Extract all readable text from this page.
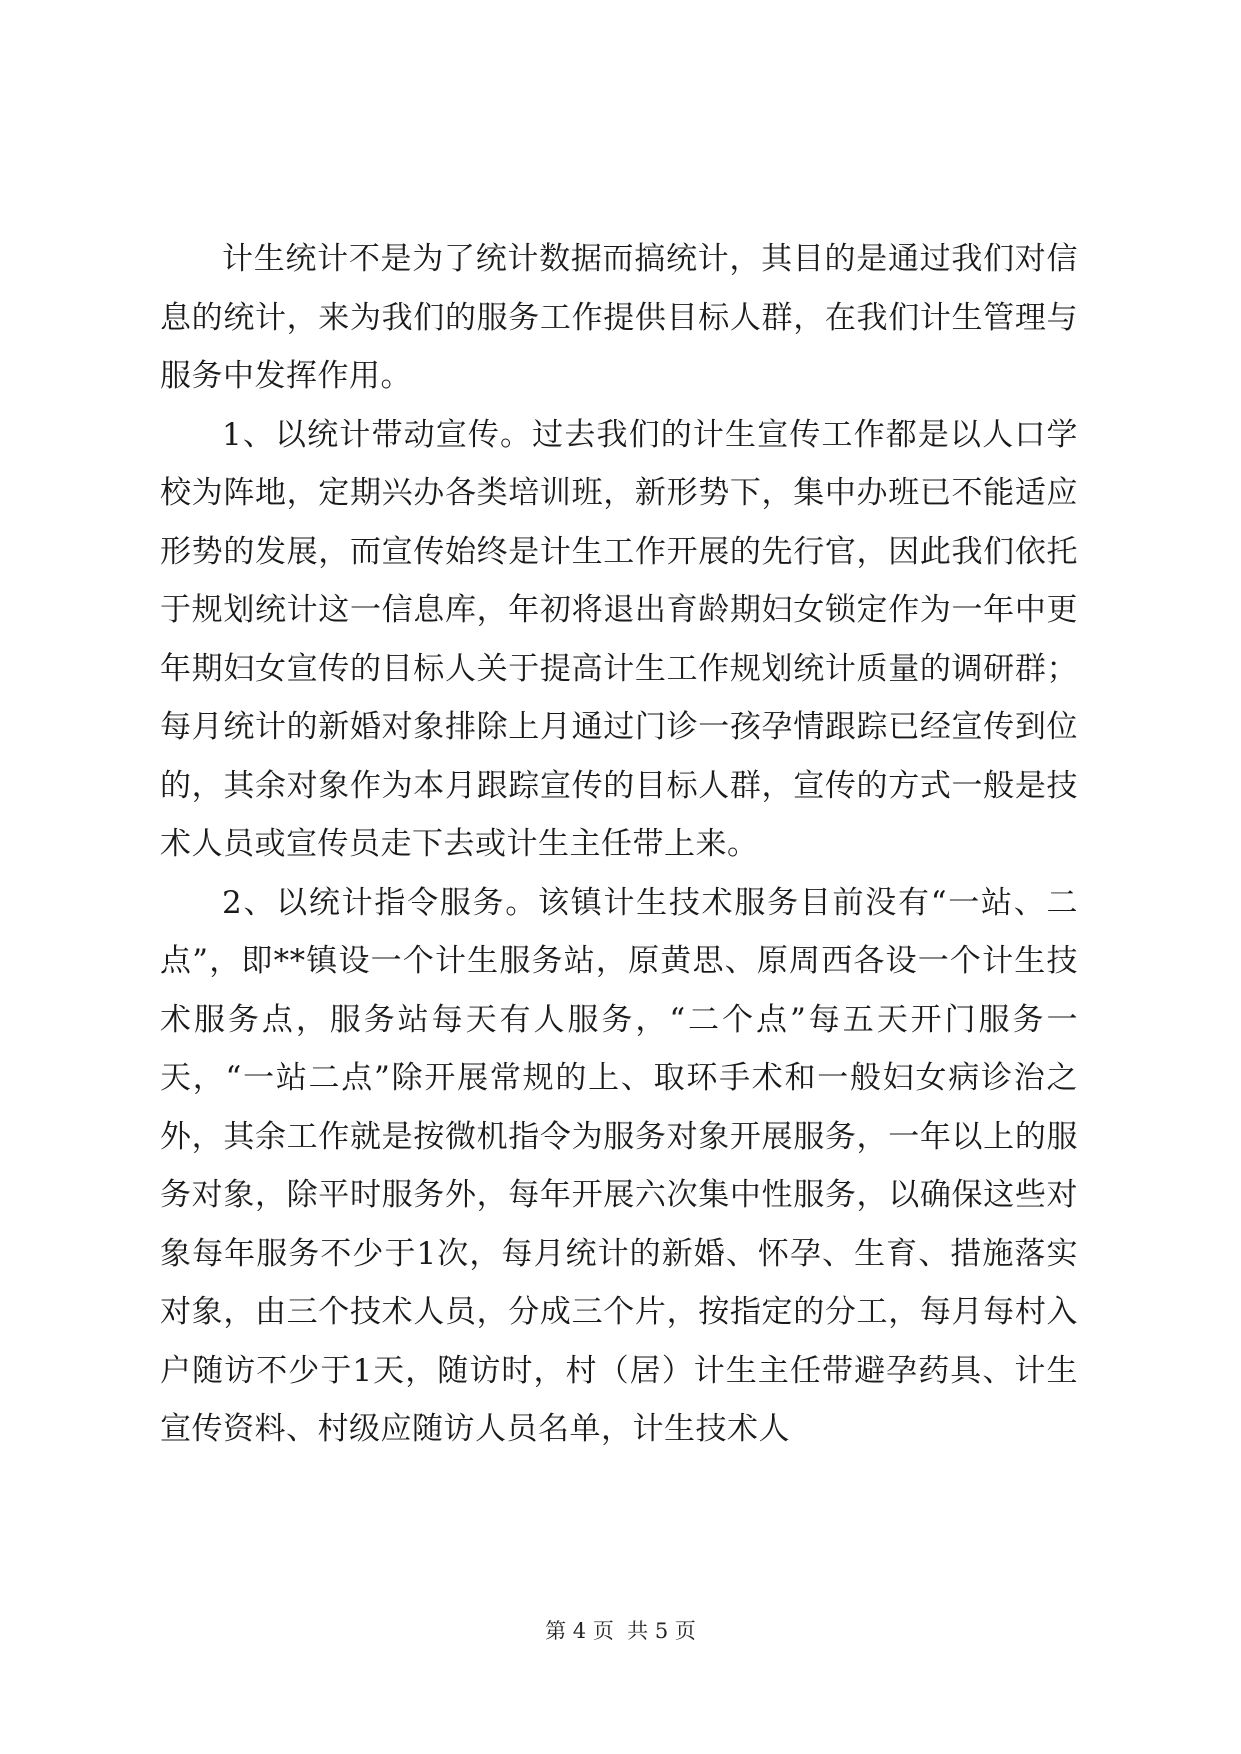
计生统计不是为了统计数据而搞统计，其目的是通过我们对信息的统计，来为我们的服务工作提供目标人群，在我们计生管理与服务中发挥作用。

1、以统计带动宣传。过去我们的计生宣传工作都是以人口学校为阵地，定期兴办各类培训班，新形势下，集中办班已不能适应形势的发展，而宣传始终是计生工作开展的先行官，因此我们依托于规划统计这一信息库，年初将退出育龄期妇女锁定作为一年中更年期妇女宣传的目标人关于提高计生工作规划统计质量的调研群；每月统计的新婚对象排除上月通过门诊一孩孕情跟踪已经宣传到位的，其余对象作为本月跟踪宣传的目标人群，宣传的方式一般是技术人员或宣传员走下去或计生主任带上来。

2、以统计指令服务。该镇计生技术服务目前没有“一站、二点”，即**镇设一个计生服务站，原黄思、原周西各设一个计生技术服务点，服务站每天有人服务，“二个点”每五天开门服务一天，“一站二点”除开展常规的上、取环手术和一般妇女病诊治之外，其余工作就是按微机指令为服务对象开展服务，一年以上的服务对象，除平时服务外，每年开展六次集中性服务，以确保这些对象每年服务不少于1次，每月统计的新婚、怀孕、生育、措施落实对象，由三个技术人员，分成三个片，按指定的分工，每月每村入户随访不少于1天，随访时，村（居）计生主任带避孕药具、计生宣传资料、村级应随访人员名单，计生技术人

第 4 页  共 5 页
